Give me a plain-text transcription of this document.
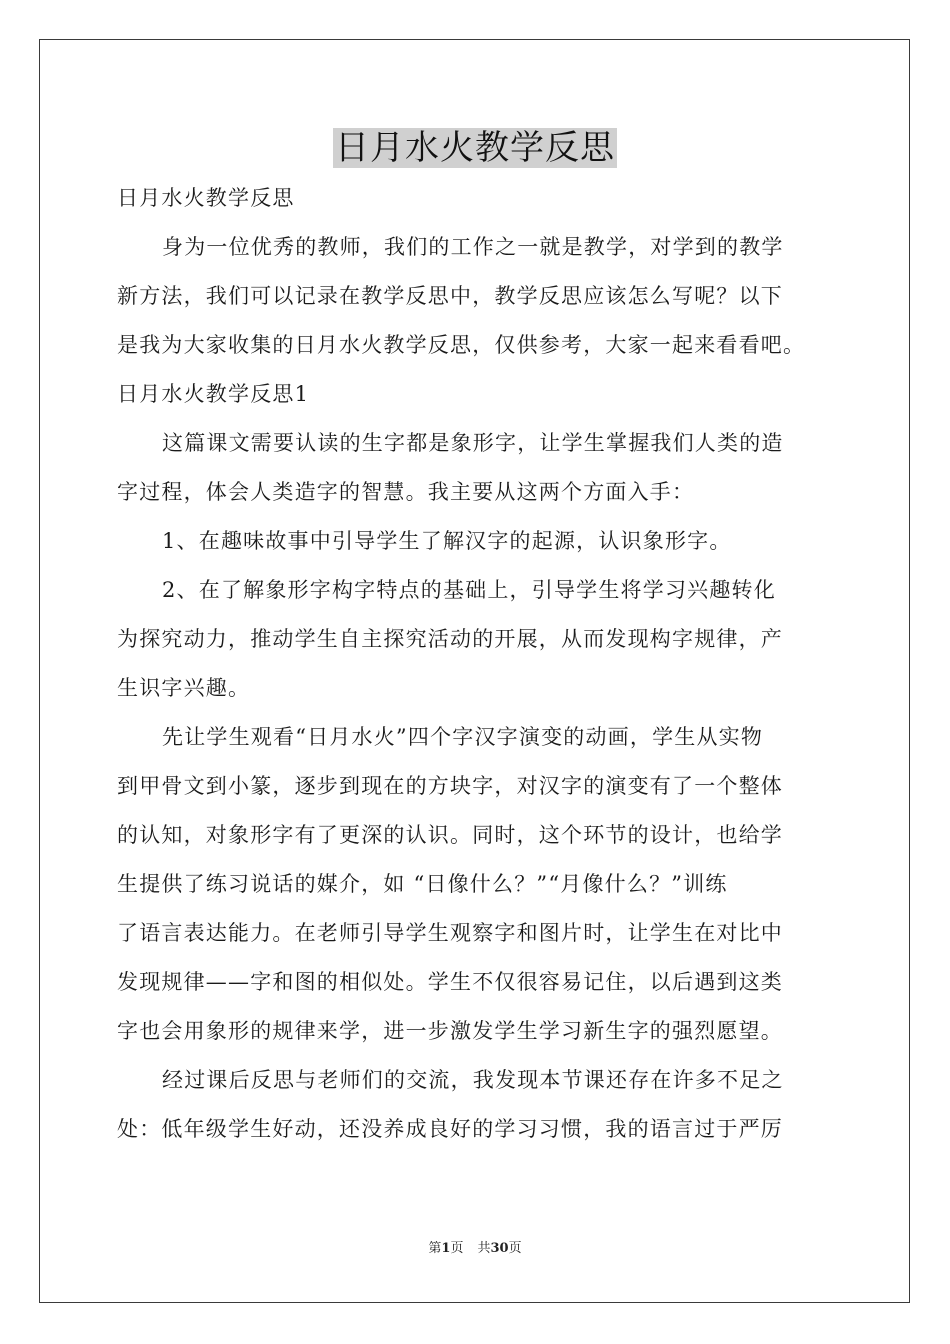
日月水火教学反思
日月水火教学反思
身为一位优秀的教师，我们的工作之一就是教学，对学到的教学
新方法，我们可以记录在教学反思中，教学反思应该怎么写呢？以下
是我为大家收集的日月水火教学反思，仅供参考，大家一起来看看吧。
日月水火教学反思1
这篇课文需要认读的生字都是象形字，让学生掌握我们人类的造
字过程，体会人类造字的智慧。我主要从这两个方面入手：
1、在趣味故事中引导学生了解汉字的起源，认识象形字。
2、在了解象形字构字特点的基础上，引导学生将学习兴趣转化
为探究动力，推动学生自主探究活动的开展，从而发现构字规律，产
生识字兴趣。
先让学生观看“日月水火”四个字汉字演变的动画，学生从实物
到甲骨文到小篆，逐步到现在的方块字，对汉字的演变有了一个整体
的认知，对象形字有了更深的认识。同时，这个环节的设计，也给学
生提供了练习说话的媒介，如 “日像什么？”“月像什么？”训练
了语言表达能力。在老师引导学生观察字和图片时，让学生在对比中
发现规律——字和图的相似处。学生不仅很容易记住，以后遇到这类
字也会用象形的规律来学，进一步激发学生学习新生字的强烈愿望。
经过课后反思与老师们的交流，我发现本节课还存在许多不足之
处：低年级学生好动，还没养成良好的学习习惯，我的语言过于严厉
第1页 共30页
